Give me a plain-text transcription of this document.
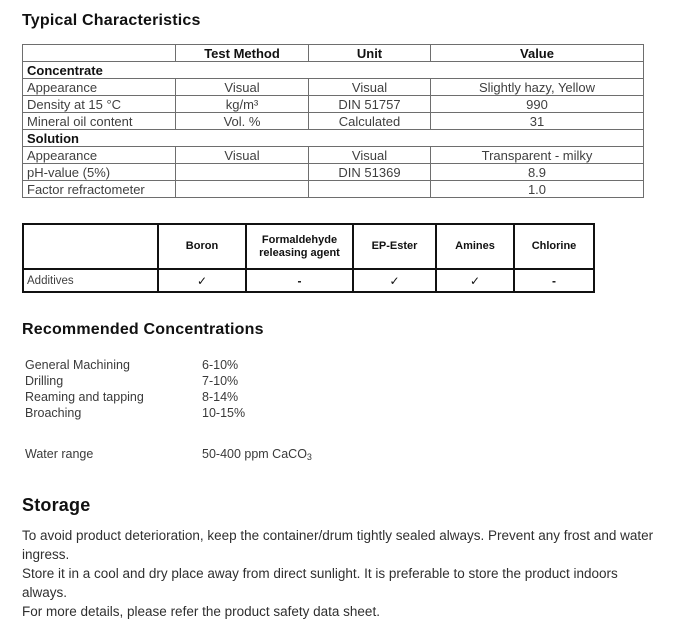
Typical Characteristics
	Test Method	Unit	Value
Concentrate			
Appearance	Visual	Visual	Slightly hazy, Yellow
Density at 15 °C	kg/m³	DIN 51757	990
Mineral oil content	Vol. %	Calculated	31
Solution			
Appearance	Visual	Visual	Transparent - milky
pH-value (5%)		DIN 51369	8.9
Factor refractometer			1.0
	Boron	Formaldehyde releasing agent	EP-Ester	Amines	Chlorine
Additives	✓	-	✓	✓	-
Recommended Concentrations
General Machining	6-10%
Drilling	7-10%
Reaming and tapping	8-14%
Broaching	10-15%
Water range	50-400 ppm CaCO$_3$
Storage
To avoid product deterioration, keep the container/drum tightly sealed always. Prevent any frost and water
ingress.
Store it in a cool and dry place away from direct sunlight. It is preferable to store the product indoors always.
For more details, please refer the product safety data sheet.
